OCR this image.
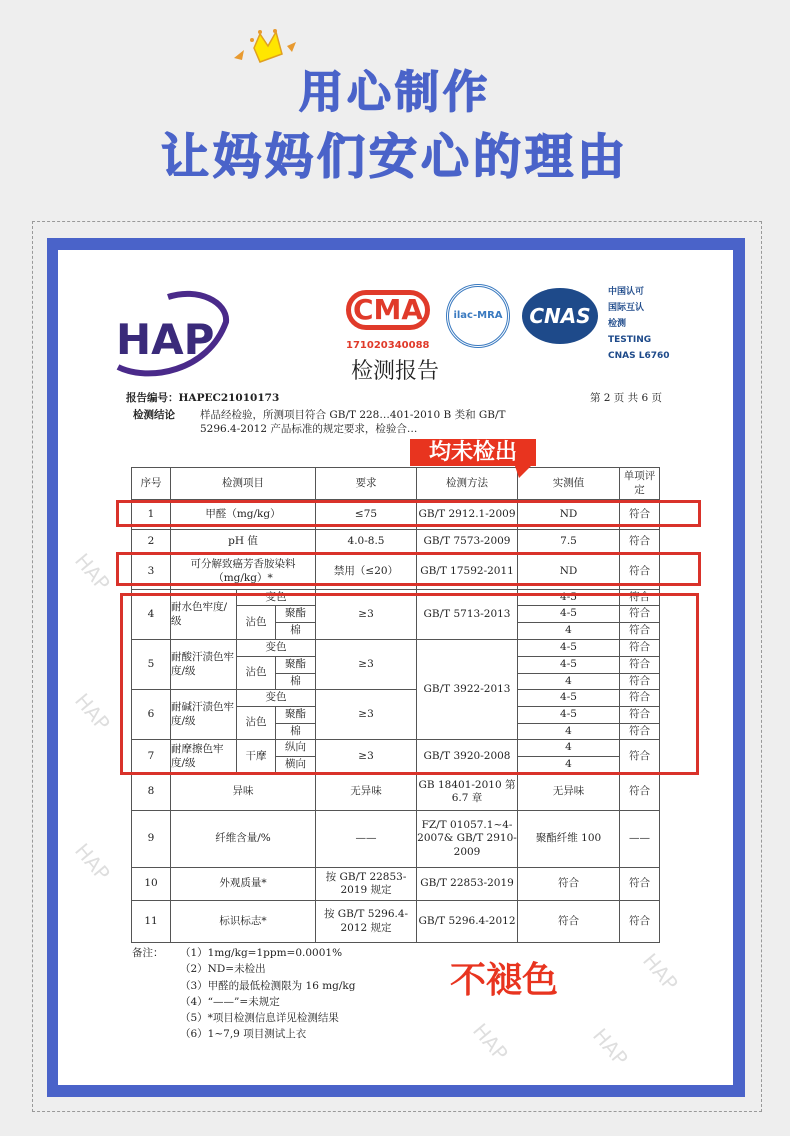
用心制作
让妈妈们安心的理由
HAP
CMA
171020340088
ilac-MRA	CNAS
中国认可
国际互认
检测
TESTING
CNAS L6760
检测报告
报告编号：HAPEC21010173	第 2 页 共 6 页
检测结论 样品经检验，所测项目符合 GB/T 228…401-2010 B 类和 GB/T
5296.4-2012 产品标准的规定要求，检验合…
序号	检测项目			要求	检测方法	实测值	单项评定
1	甲醛（mg/kg）			≤75	GB/T 2912.1-2009	ND	符合
2	pH 值			4.0-8.5	GB/T 7573-2009	7.5	符合
3	可分解致癌芳香胺染料（mg/kg）*			禁用（≤20）	GB/T 17592-2011	ND	符合
4	耐水色牢度/级	变色		≥3	GB/T 5713-2013	4-5	符合
		沾色	聚酯			4-5	符合
			棉			4	符合
5	耐酸汗渍色牢度/级	变色		≥3	GB/T 3922-2013	4-5	符合
		沾色	聚酯			4-5	符合
			棉			4	符合
6	耐碱汗渍色牢度/级	变色		≥3		4-5	符合
		沾色	聚酯			4-5	符合
			棉			4	符合
7	耐摩擦色牢度/级	干摩	纵向	≥3	GB/T 3920-2008	4	符合
			横向			4	
8	异味			无异味	GB 18401-2010 第 6.7 章	无异味	符合
9	纤维含量/%			——	FZ/T 01057.1~4-2007& GB/T 2910-2009	聚酯纤维 100	——
10	外观质量*			按 GB/T 22853-2019 规定	GB/T 22853-2019	符合	符合
11	标识标志*			按 GB/T 5296.4-2012 规定	GB/T 5296.4-2012	符合	符合
备注： （1）1mg/kg=1ppm=0.0001%
（2）ND=未检出
（3）甲醛的最低检测限为 16 mg/kg
（4）“——”=未规定
（5）*项目检测信息详见检测结果
（6）1~7,9 项目测试上衣
HAP
HAP
HAP
HAP
HAP	HAP
均未检出
不褪色
